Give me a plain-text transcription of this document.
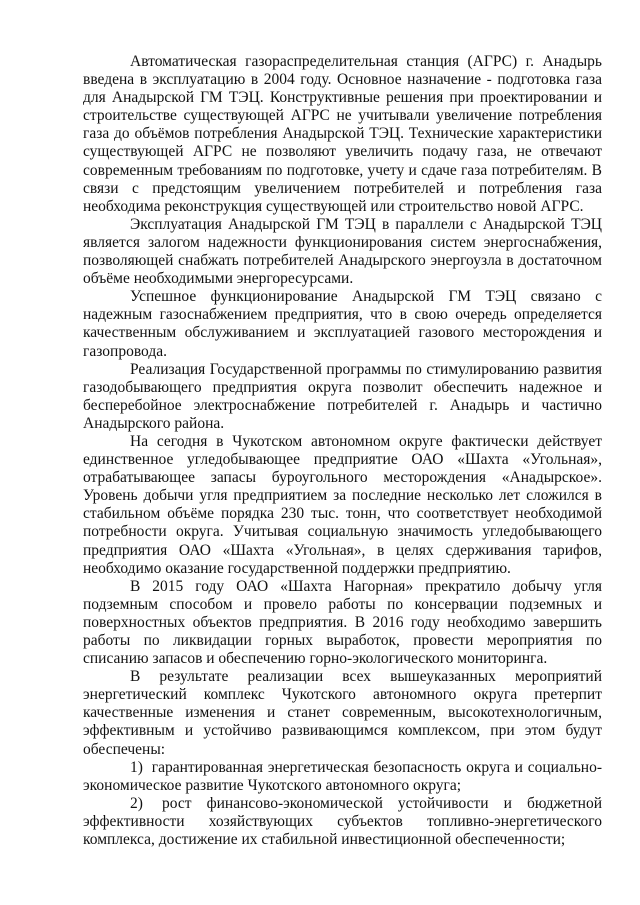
Автоматическая газораспределительная станция (АГРС) г. Анадырь введена в эксплуатацию в 2004 году. Основное назначение - подготовка газа для Анадырской ГМ ТЭЦ. Конструктивные решения при проектировании и строительстве существующей АГРС не учитывали увеличение потребления газа до объёмов потребления Анадырской ТЭЦ. Технические характеристики существующей АГРС не позволяют увеличить подачу газа, не отвечают современным требованиям по подготовке, учету и сдаче газа потребителям. В связи с предстоящим увеличением потребителей и потребления газа необходима реконструкция существующей или строительство новой АГРС.

Эксплуатация Анадырской ГМ ТЭЦ в параллели с Анадырской ТЭЦ является залогом надежности функционирования систем энергоснабжения, позволяющей снабжать потребителей Анадырского энергоузла в достаточном объёме необходимыми энергоресурсами.

Успешное функционирование Анадырской ГМ ТЭЦ связано с надежным газоснабжением предприятия, что в свою очередь определяется качественным обслуживанием и эксплуатацией газового месторождения и газопровода.

Реализация Государственной программы по стимулированию развития газодобывающего предприятия округа позволит обеспечить надежное и бесперебойное электроснабжение потребителей г. Анадырь и частично Анадырского района.

На сегодня в Чукотском автономном округе фактически действует единственное угледобывающее предприятие ОАО «Шахта «Угольная», отрабатывающее запасы буроугольного месторождения «Анадырское». Уровень добычи угля предприятием за последние несколько лет сложился в стабильном объёме порядка 230 тыс. тонн, что соответствует необходимой потребности округа. Учитывая социальную значимость угледобывающего предприятия ОАО «Шахта «Угольная», в целях сдерживания тарифов, необходимо оказание государственной поддержки предприятию.

В 2015 году ОАО «Шахта Нагорная» прекратило добычу угля подземным способом и провело работы по консервации подземных и поверхностных объектов предприятия. В 2016 году необходимо завершить работы по ликвидации горных выработок, провести мероприятия по списанию запасов и обеспечению горно-экологического мониторинга.

В результате реализации всех вышеуказанных мероприятий энергетический комплекс Чукотского автономного округа претерпит качественные изменения и станет современным, высокотехнологичным, эффективным и устойчиво развивающимся комплексом, при этом будут обеспечены:

1) гарантированная энергетическая безопасность округа и социально-экономическое развитие Чукотского автономного округа;

2) рост финансово-экономической устойчивости и бюджетной эффективности хозяйствующих субъектов топливно-энергетического комплекса, достижение их стабильной инвестиционной обеспеченности;
